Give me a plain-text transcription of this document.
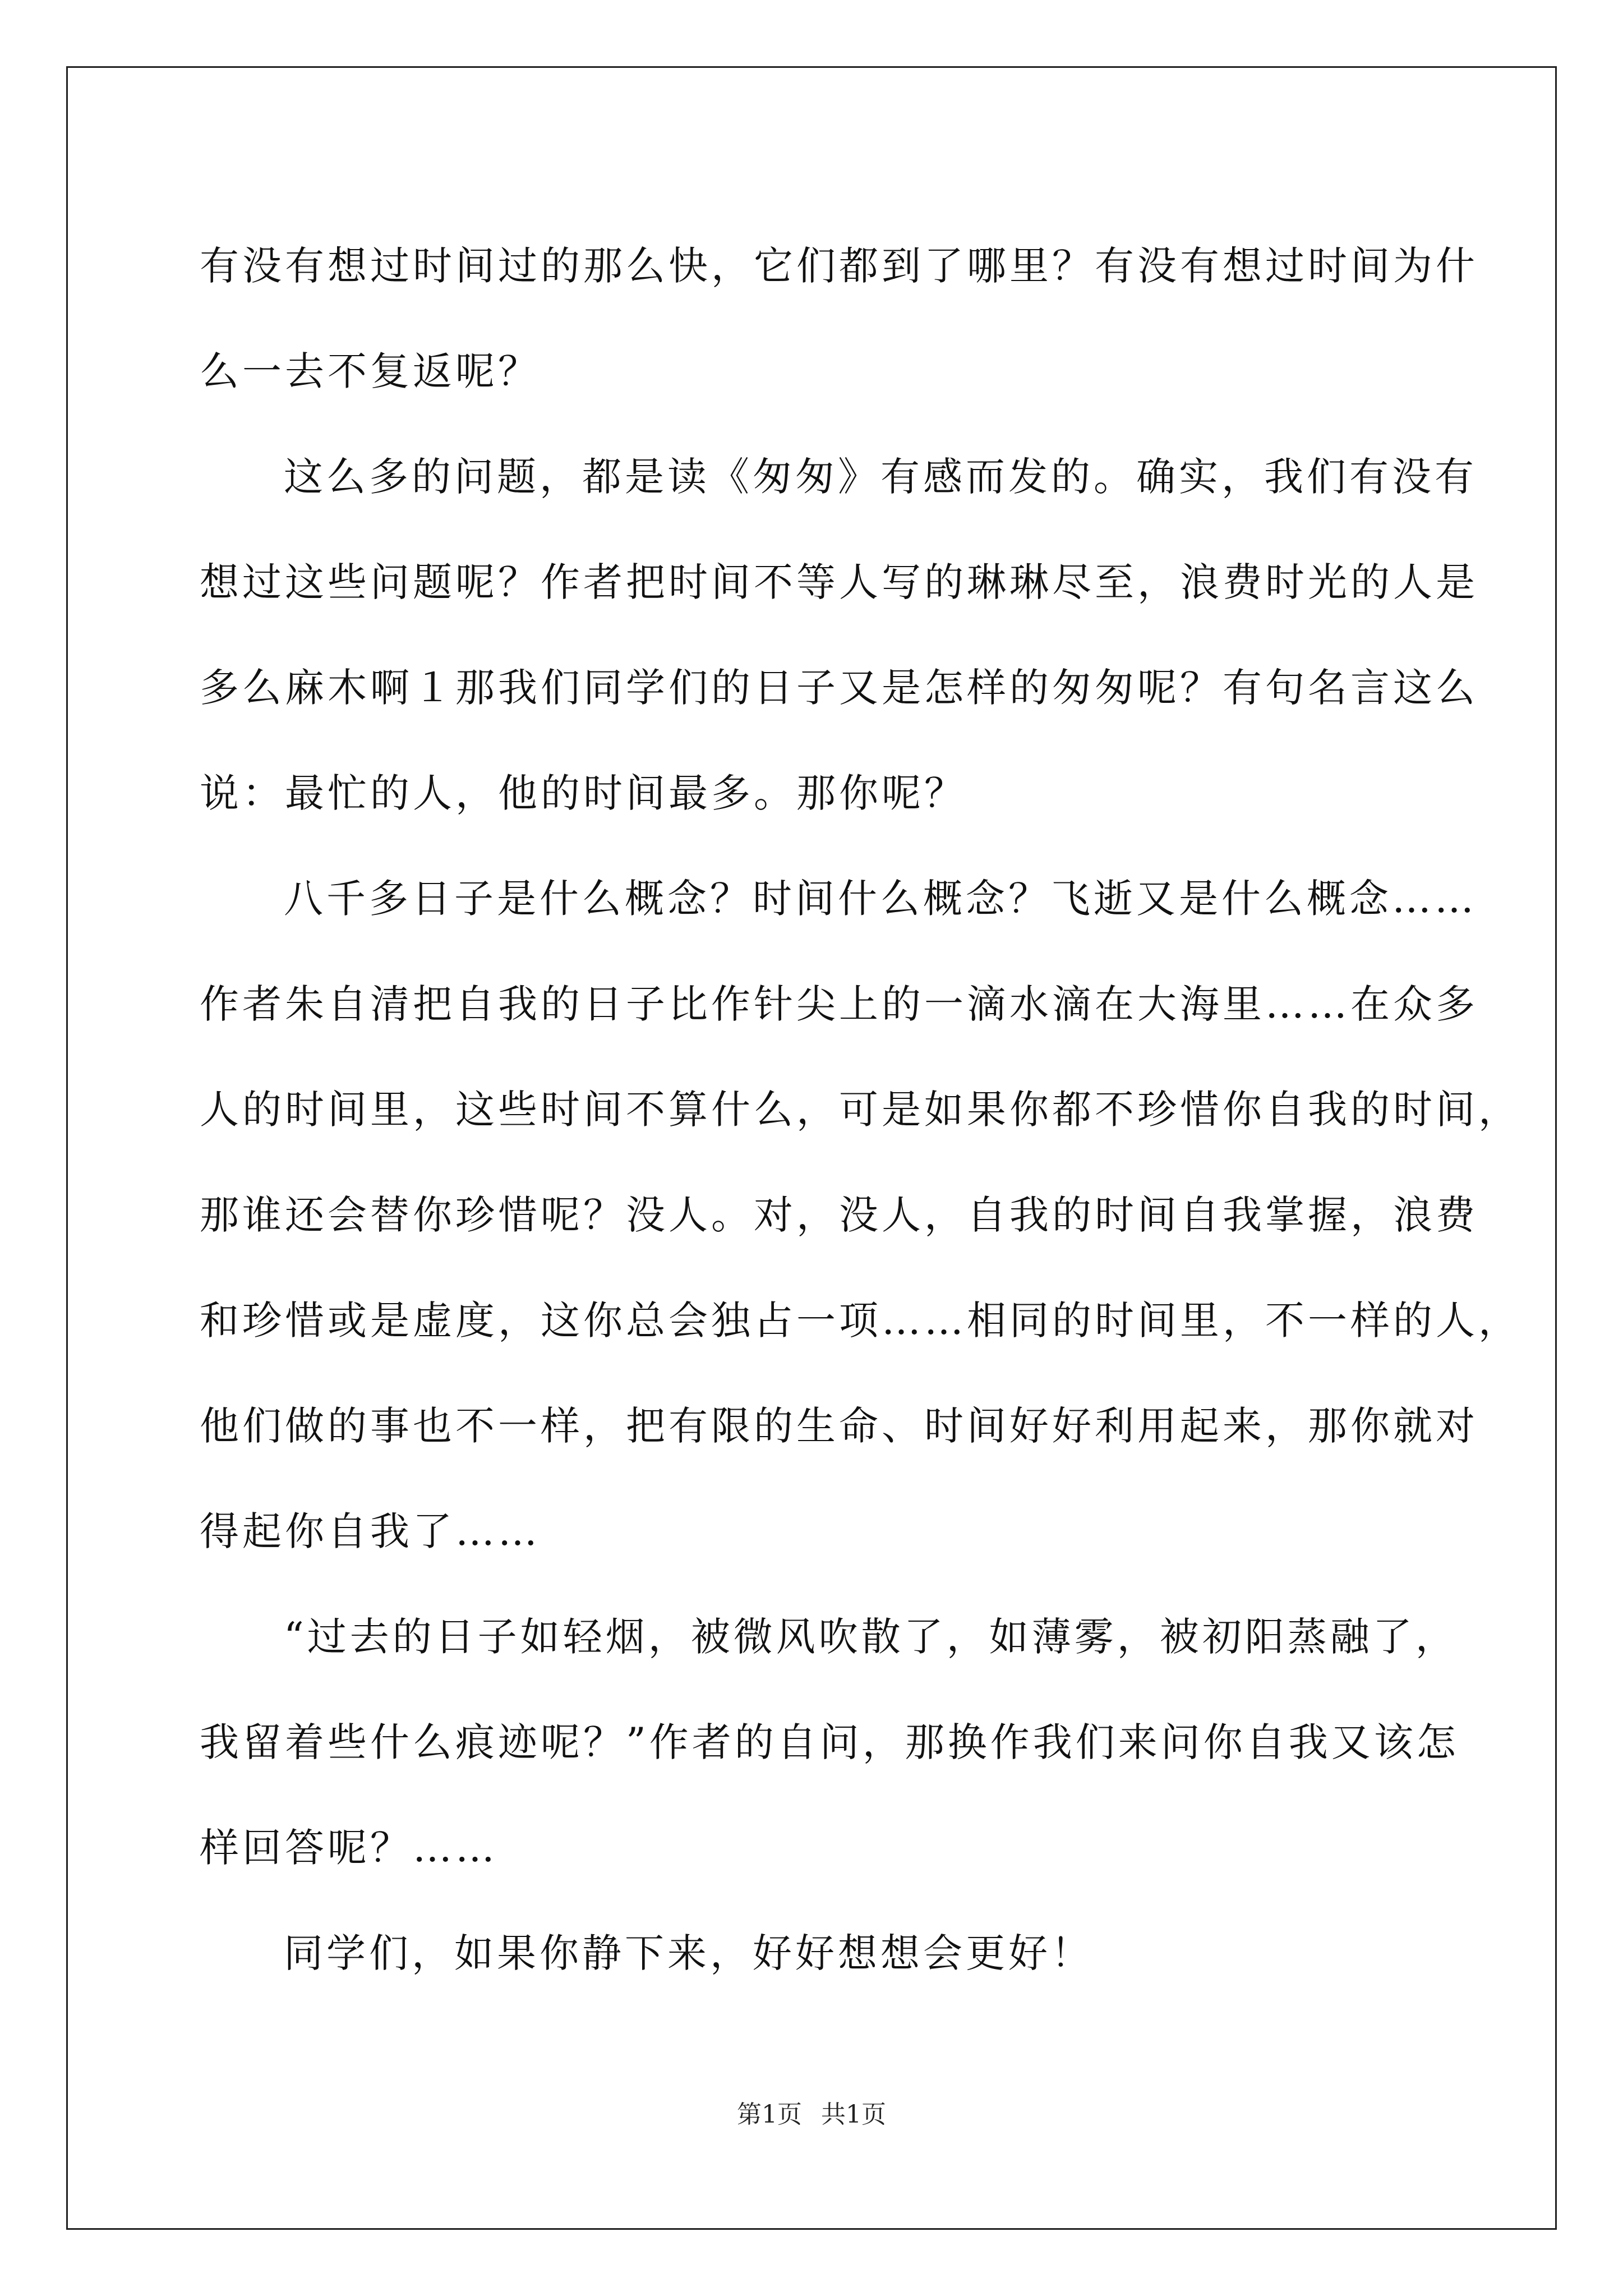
有没有想过时间过的那么快，它们都到了哪里？有没有想过时间为什
么一去不复返呢？
这么多的问题，都是读《匆匆》有感而发的。确实，我们有没有
想过这些问题呢？作者把时间不等人写的琳琳尽至，浪费时光的人是
多么麻木啊１那我们同学们的日子又是怎样的匆匆呢？有句名言这么
说：最忙的人，他的时间最多。那你呢？
八千多日子是什么概念？时间什么概念？飞逝又是什么概念……
作者朱自清把自我的日子比作针尖上的一滴水滴在大海里……在众多
人的时间里，这些时间不算什么，可是如果你都不珍惜你自我的时间，
那谁还会替你珍惜呢？没人。对，没人，自我的时间自我掌握，浪费
和珍惜或是虚度，这你总会独占一项……相同的时间里，不一样的人，
他们做的事也不一样，把有限的生命、时间好好利用起来，那你就对
得起你自我了……
“过去的日子如轻烟，被微风吹散了，如薄雾，被初阳蒸融了，
我留着些什么痕迹呢？”作者的自问，那换作我们来问你自我又该怎
样回答呢？……
同学们，如果你静下来，好好想想会更好！
第1页 共1页
